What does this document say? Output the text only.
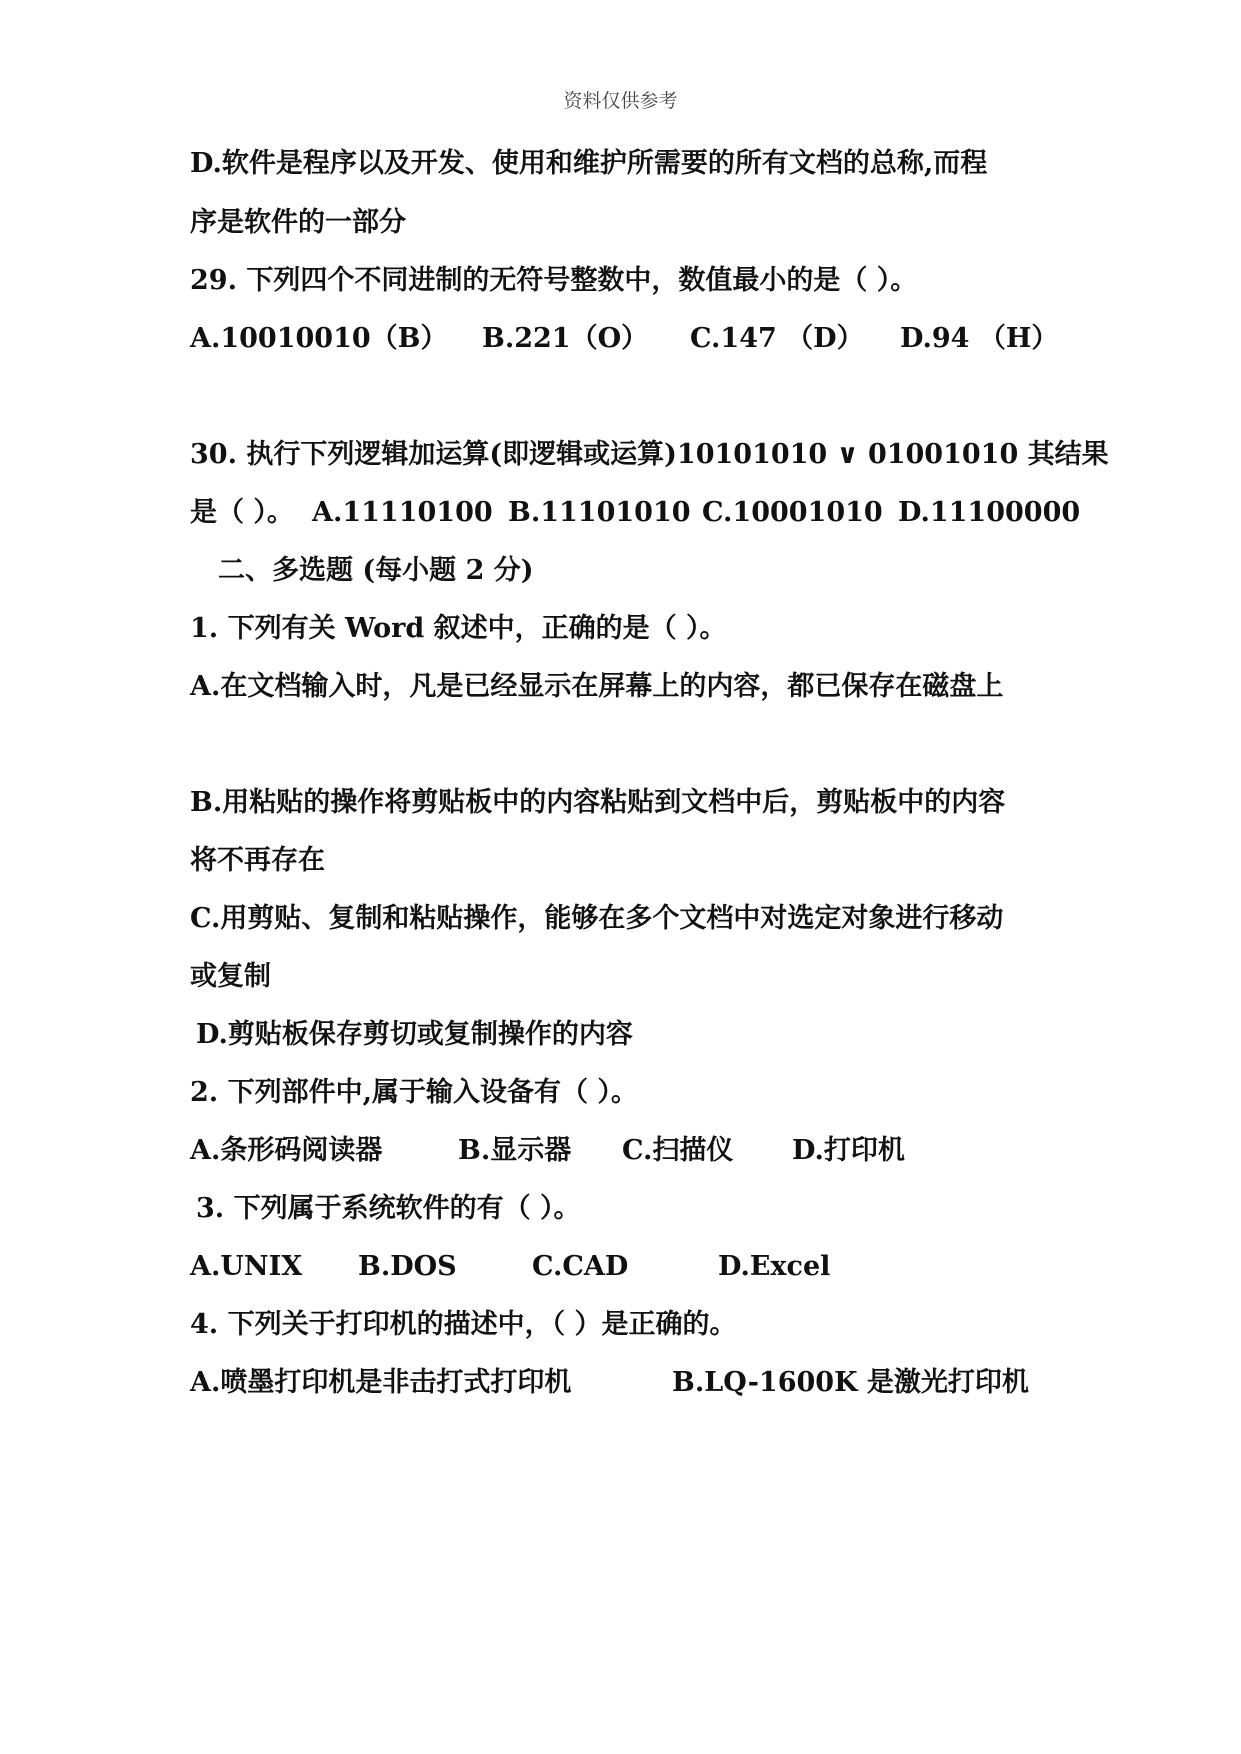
资料仅供参考
D.软件是程序以及开发、使用和维护所需要的所有文档的总称,而程
序是软件的一部分
29. 下列四个不同进制的无符号整数中，数值最小的是（ ）。
A.10010010（B） B.221（O） C.147 （D） D.94 （H）
30. 执行下列逻辑加运算(即逻辑或运算)10101010 ∨ 01001010 其结果
是（ ）。 A.11110100 B.11101010 C.10001010 D.11100000
二、多选题 (每小题 2 分)
1. 下列有关 Word 叙述中，正确的是（ ）。
A.在文档输入时，凡是已经显示在屏幕上的内容，都已保存在磁盘上
B.用粘贴的操作将剪贴板中的内容粘贴到文档中后，剪贴板中的内容
将不再存在
C.用剪贴、复制和粘贴操作，能够在多个文档中对选定对象进行移动
或复制
D.剪贴板保存剪切或复制操作的内容
2. 下列部件中,属于输入设备有（ ）。
A.条形码阅读器	B.显示器 C.扫描仪 D.打印机
3. 下列属于系统软件的有（ ）。
A.UNIX B.DOS	C.CAD	D.Excel
4. 下列关于打印机的描述中，（ ）是正确的。
A.喷墨打印机是非击打式打印机	B.LQ-1600K 是激光打印机
